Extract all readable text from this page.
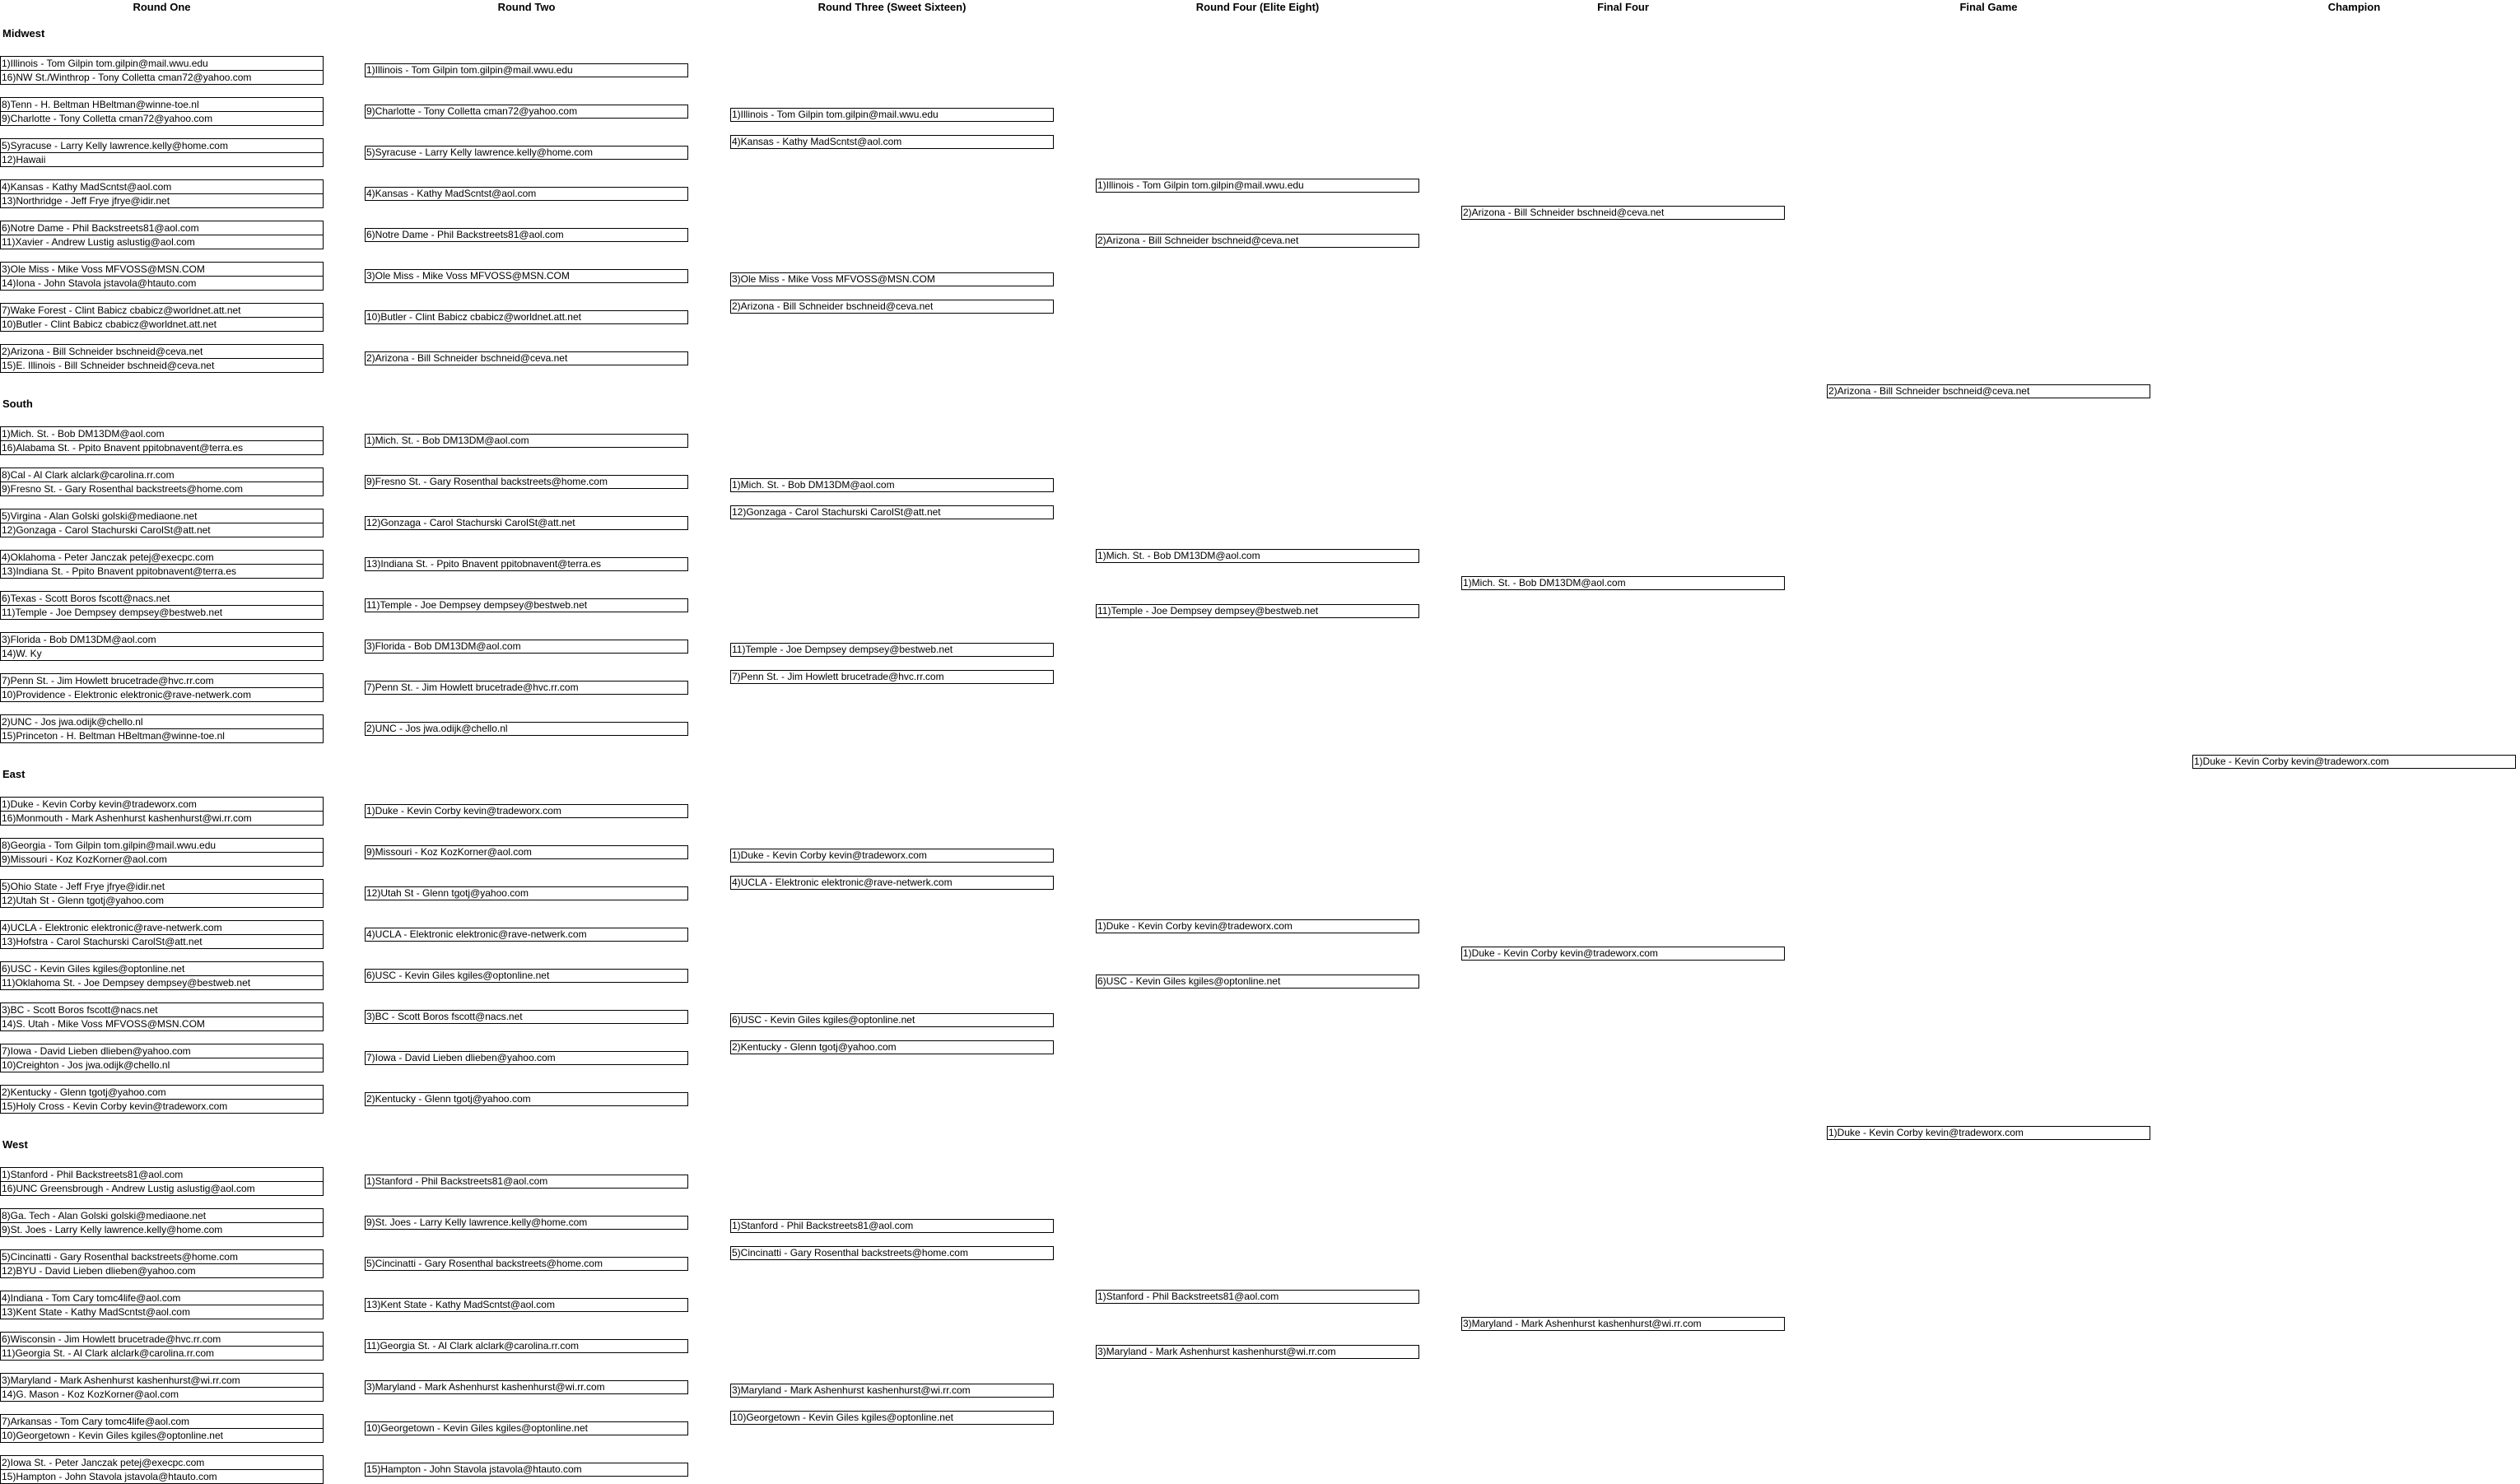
Round One	Round Two	Round Three (Sweet Sixteen)	Round Four (Elite Eight)	Final Four	Final Game	Champion
Midwest
1)Illinois - Tom Gilpin tom.gilpin@mail.wwu.edu
16)NW St./Winthrop - Tony Colletta cman72@yahoo.com
8)Tenn - H. Beltman HBeltman@winne-toe.nl
9)Charlotte - Tony Colletta cman72@yahoo.com
5)Syracuse - Larry Kelly lawrence.kelly@home.com
12)Hawaii
4)Kansas - Kathy MadScntst@aol.com
13)Northridge - Jeff Frye jfrye@idir.net
6)Notre Dame - Phil Backstreets81@aol.com
11)Xavier - Andrew Lustig aslustig@aol.com
3)Ole Miss - Mike Voss MFVOSS@MSN.COM
14)Iona - John Stavola jstavola@htauto.com
7)Wake Forest - Clint Babicz cbabicz@worldnet.att.net
10)Butler - Clint Babicz cbabicz@worldnet.att.net
2)Arizona - Bill Schneider bschneid@ceva.net
15)E. Illinois - Bill Schneider bschneid@ceva.net
1)Illinois - Tom Gilpin tom.gilpin@mail.wwu.edu
9)Charlotte - Tony Colletta cman72@yahoo.com
5)Syracuse - Larry Kelly lawrence.kelly@home.com
4)Kansas - Kathy MadScntst@aol.com
6)Notre Dame - Phil Backstreets81@aol.com
3)Ole Miss - Mike Voss MFVOSS@MSN.COM
10)Butler - Clint Babicz cbabicz@worldnet.att.net
2)Arizona - Bill Schneider bschneid@ceva.net
1)Illinois - Tom Gilpin tom.gilpin@mail.wwu.edu
4)Kansas - Kathy MadScntst@aol.com
3)Ole Miss - Mike Voss MFVOSS@MSN.COM
2)Arizona - Bill Schneider bschneid@ceva.net
1)Illinois - Tom Gilpin tom.gilpin@mail.wwu.edu
2)Arizona - Bill Schneider bschneid@ceva.net
2)Arizona - Bill Schneider bschneid@ceva.net
South
1)Mich. St. - Bob DM13DM@aol.com
16)Alabama St. - Ppito Bnavent ppitobnavent@terra.es
8)Cal - Al Clark alclark@carolina.rr.com
9)Fresno St. - Gary Rosenthal backstreets@home.com
5)Virgina - Alan Golski golski@mediaone.net
12)Gonzaga - Carol Stachurski CarolSt@att.net
4)Oklahoma - Peter Janczak petej@execpc.com
13)Indiana St. - Ppito Bnavent ppitobnavent@terra.es
6)Texas - Scott Boros fscott@nacs.net
11)Temple - Joe Dempsey dempsey@bestweb.net
3)Florida - Bob DM13DM@aol.com
14)W. Ky
7)Penn St. - Jim Howlett brucetrade@hvc.rr.com
10)Providence - Elektronic elektronic@rave-netwerk.com
2)UNC - Jos jwa.odijk@chello.nl
15)Princeton - H. Beltman HBeltman@winne-toe.nl
1)Mich. St. - Bob DM13DM@aol.com
9)Fresno St. - Gary Rosenthal backstreets@home.com
12)Gonzaga - Carol Stachurski CarolSt@att.net
13)Indiana St. - Ppito Bnavent ppitobnavent@terra.es
11)Temple - Joe Dempsey dempsey@bestweb.net
3)Florida - Bob DM13DM@aol.com
7)Penn St. - Jim Howlett brucetrade@hvc.rr.com
2)UNC - Jos jwa.odijk@chello.nl
1)Mich. St. - Bob DM13DM@aol.com
12)Gonzaga - Carol Stachurski CarolSt@att.net
11)Temple - Joe Dempsey dempsey@bestweb.net
7)Penn St. - Jim Howlett brucetrade@hvc.rr.com
1)Mich. St. - Bob DM13DM@aol.com
11)Temple - Joe Dempsey dempsey@bestweb.net
1)Mich. St. - Bob DM13DM@aol.com
East
1)Duke - Kevin Corby kevin@tradeworx.com
16)Monmouth - Mark Ashenhurst kashenhurst@wi.rr.com
8)Georgia - Tom Gilpin tom.gilpin@mail.wwu.edu
9)Missouri - Koz KozKorner@aol.com
5)Ohio State - Jeff Frye jfrye@idir.net
12)Utah St - Glenn tgotj@yahoo.com
4)UCLA - Elektronic elektronic@rave-netwerk.com
13)Hofstra - Carol Stachurski CarolSt@att.net
6)USC - Kevin Giles kgiles@optonline.net
11)Oklahoma St. - Joe Dempsey dempsey@bestweb.net
3)BC - Scott Boros fscott@nacs.net
14)S. Utah - Mike Voss MFVOSS@MSN.COM
7)Iowa - David Lieben dlieben@yahoo.com
10)Creighton - Jos jwa.odijk@chello.nl
2)Kentucky - Glenn tgotj@yahoo.com
15)Holy Cross - Kevin Corby kevin@tradeworx.com
1)Duke - Kevin Corby kevin@tradeworx.com
9)Missouri - Koz KozKorner@aol.com
12)Utah St - Glenn tgotj@yahoo.com
4)UCLA - Elektronic elektronic@rave-netwerk.com
6)USC - Kevin Giles kgiles@optonline.net
3)BC - Scott Boros fscott@nacs.net
7)Iowa - David Lieben dlieben@yahoo.com
2)Kentucky - Glenn tgotj@yahoo.com
1)Duke - Kevin Corby kevin@tradeworx.com
4)UCLA - Elektronic elektronic@rave-netwerk.com
6)USC - Kevin Giles kgiles@optonline.net
2)Kentucky - Glenn tgotj@yahoo.com
1)Duke - Kevin Corby kevin@tradeworx.com
6)USC - Kevin Giles kgiles@optonline.net
1)Duke - Kevin Corby kevin@tradeworx.com
West
1)Stanford - Phil Backstreets81@aol.com
16)UNC Greensbrough - Andrew Lustig aslustig@aol.com
8)Ga. Tech - Alan Golski golski@mediaone.net
9)St. Joes - Larry Kelly lawrence.kelly@home.com
5)Cincinatti - Gary Rosenthal backstreets@home.com
12)BYU - David Lieben dlieben@yahoo.com
4)Indiana - Tom Cary tomc4life@aol.com
13)Kent State - Kathy MadScntst@aol.com
6)Wisconsin - Jim Howlett brucetrade@hvc.rr.com
11)Georgia St. - Al Clark alclark@carolina.rr.com
3)Maryland - Mark Ashenhurst kashenhurst@wi.rr.com
14)G. Mason - Koz KozKorner@aol.com
7)Arkansas - Tom Cary tomc4life@aol.com
10)Georgetown - Kevin Giles kgiles@optonline.net
2)Iowa St. - Peter Janczak petej@execpc.com
15)Hampton - John Stavola jstavola@htauto.com
1)Stanford - Phil Backstreets81@aol.com
9)St. Joes - Larry Kelly lawrence.kelly@home.com
5)Cincinatti - Gary Rosenthal backstreets@home.com
13)Kent State - Kathy MadScntst@aol.com
11)Georgia St. - Al Clark alclark@carolina.rr.com
3)Maryland - Mark Ashenhurst kashenhurst@wi.rr.com
10)Georgetown - Kevin Giles kgiles@optonline.net
15)Hampton - John Stavola jstavola@htauto.com
1)Stanford - Phil Backstreets81@aol.com
5)Cincinatti - Gary Rosenthal backstreets@home.com
3)Maryland - Mark Ashenhurst kashenhurst@wi.rr.com
10)Georgetown - Kevin Giles kgiles@optonline.net
1)Stanford - Phil Backstreets81@aol.com
3)Maryland - Mark Ashenhurst kashenhurst@wi.rr.com
3)Maryland - Mark Ashenhurst kashenhurst@wi.rr.com
2)Arizona - Bill Schneider bschneid@ceva.net
1)Duke - Kevin Corby kevin@tradeworx.com
1)Duke - Kevin Corby kevin@tradeworx.com
